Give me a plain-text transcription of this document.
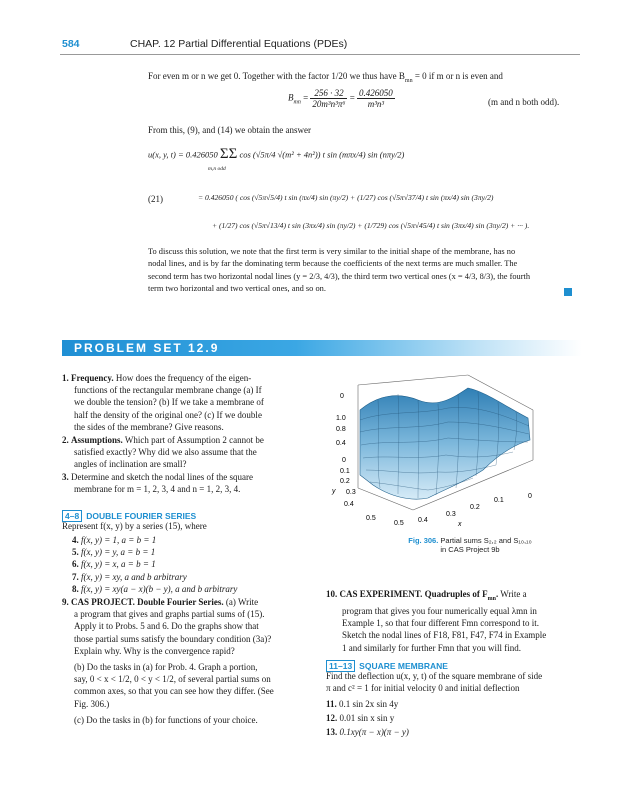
584	CHAP. 12 Partial Differential Equations (PDEs)
For even m or n we get 0. Together with the factor 1/20 we thus have $B_{mn} = 0$ if m or n is even and
$B_{mn} = \frac{256 \cdot 32}{\text{20m³n³π⁶}} = \frac{0.426050}{\text{m³n³}}$	(m and n both odd).
From this, (9), and (14) we obtain the answer
u(x, y, t) = 0.426050 ΣΣ cos (√5π/4 √(m² + 4n²)) t sin (mπx/4) sin (nπy/2)
m,n odd
(21)	= 0.426050 ( cos (√5π√5/4) t sin (πx/4) sin (πy/2) + (1/27) cos (√5π√37/4) t sin (πx/4) sin (3πy/2)
+ (1/27) cos (√5π√13/4) t sin (3πx/4) sin (πy/2) + (1/729) cos (√5π√45/4) t sin (3πx/4) sin (3πy/2) + ··· ).
To discuss this solution, we note that the first term is very similar to the initial shape of the membrane, has no
nodal lines, and is by far the dominating term because the coefficients of the next terms are much smaller. The
second term has two horizontal nodal lines (y = 2/3, 4/3), the third term two vertical ones (x = 4/3, 8/3), the fourth
term two horizontal and two vertical ones, and so on.
PROBLEM SET 12.9
1. Frequency. How does the frequency of the eigen-
functions of the rectangular membrane change (a) If
we double the tension? (b) If we take a membrane of
half the density of the original one? (c) If we double
the sides of the membrane? Give reasons.
2. Assumptions. Which part of Assumption 2 cannot be
satisfied exactly? Why did we also assume that the
angles of inclination are small?
3. Determine and sketch the nodal lines of the square
membrane for m = 1, 2, 3, 4 and n = 1, 2, 3, 4.
4–8 DOUBLE FOURIER SERIES
Represent f(x, y) by a series (15), where
4. f(x, y) = 1, a = b = 1
5. f(x, y) = y, a = b = 1
6. f(x, y) = x, a = b = 1
7. f(x, y) = xy, a and b arbitrary
8. f(x, y) = xy(a − x)(b − y), a and b arbitrary
9. CAS PROJECT. Double Fourier Series. (a) Write
a program that gives and graphs partial sums of (15).
Apply it to Probs. 5 and 6. Do the graphs show that
those partial sums satisfy the boundary condition (3a)?
Explain why. Why is the convergence rapid?
(b) Do the tasks in (a) for Prob. 4. Graph a portion,
say, 0 < x < 1/2, 0 < y < 1/2, of several partial sums on
common axes, so that you can see how they differ. (See
Fig. 306.)
(c) Do the tasks in (b) for functions of your choice.
0
1.0
0.8
0.4
0
0.1
0.2
0.3
0.4
0.5
y
0.5 0.4
0.3
0.2
0.1
0
x
Fig. 306. Partial sums S₂,₂ and S₁₀,₁₀
in CAS Project 9b
10. CAS EXPERIMENT. Quadruples of $F_{mn}$. Write a
program that gives you four numerically equal λmn in
Example 1, so that four different Fmn correspond to it.
Sketch the nodal lines of F18, F81, F47, F74 in Example
1 and similarly for further Fmn that you will find.
11–13 SQUARE MEMBRANE
Find the deflection u(x, y, t) of the square membrane of side
π and c² = 1 for initial velocity 0 and initial deflection
11. 0.1 sin 2x sin 4y
12. 0.01 sin x sin y
13. 0.1xy(π − x)(π − y)
